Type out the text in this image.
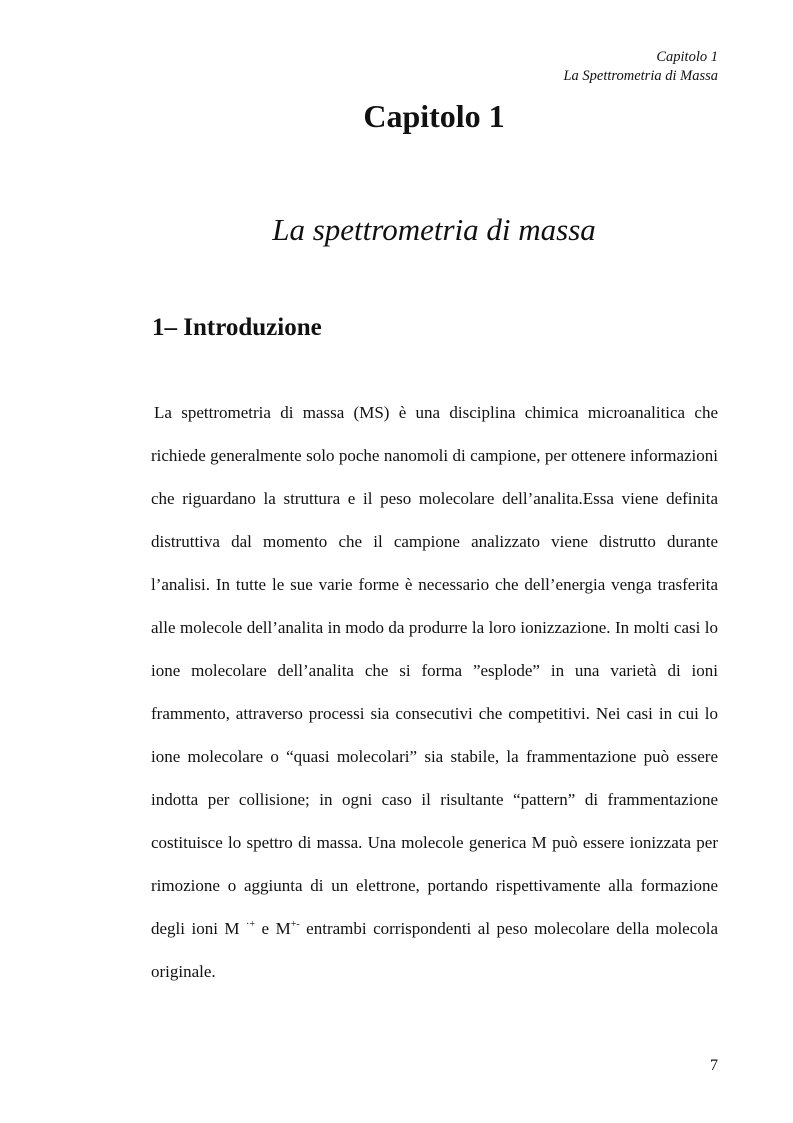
Capitolo 1
La Spettrometria di Massa
Capitolo 1
La spettrometria di massa
1– Introduzione

La spettrometria di massa (MS) è una disciplina chimica microanalitica che richiede generalmente solo poche nanomoli di campione, per ottenere informazioni che riguardano la struttura e il peso molecolare dell’analita.Essa viene definita distruttiva dal momento che il campione analizzato viene distrutto durante l’analisi. In tutte le sue varie forme è necessario che dell’energia venga trasferita alle molecole dell’analita in modo da produrre la loro ionizzazione. In molti casi lo ione molecolare dell’analita che si forma ”esplode” in una varietà di ioni frammento, attraverso processi sia consecutivi che competitivi. Nei casi in cui lo ione molecolare o “quasi molecolari” sia stabile, la frammentazione può essere indotta per collisione; in ogni caso il risultante “pattern” di frammentazione costituisce lo spettro di massa. Una molecole generica M può essere ionizzata per rimozione o aggiunta di un elettrone, portando rispettivamente alla formazione degli ioni M ·+ e M+- entrambi corrispondenti al peso molecolare della molecola originale.

7
